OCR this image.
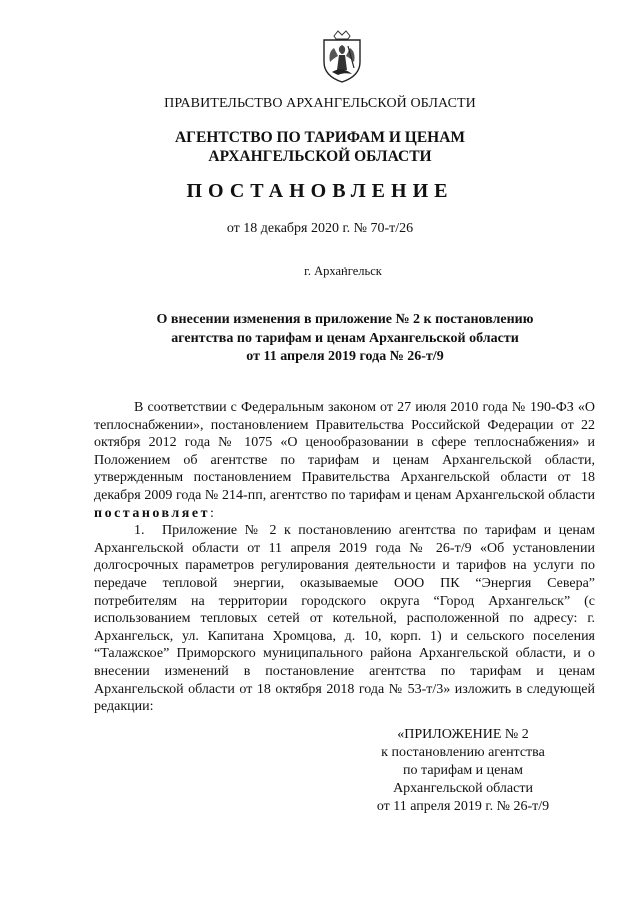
ПРАВИТЕЛЬСТВО АРХАНГЕЛЬСКОЙ ОБЛАСТИ
АГЕНТСТВО ПО ТАРИФАМ И ЦЕНАМ
АРХАНГЕЛЬСКОЙ ОБЛАСТИ
ПОСТАНОВЛЕНИЕ
от 18 декабря 2020 г. № 70-т/26
г. Архангельск
О внесении изменения в приложение № 2 к постановлению
агентства по тарифам и ценам Архангельской области
от 11 апреля 2019 года № 26-т/9

В соответствии с Федеральным законом от 27 июля 2010 года № 190-ФЗ «О теплоснабжении», постановлением Правительства Российской Федерации от 22 октября 2012 года № 1075 «О ценообразовании в сфере теплоснабжения» и Положением об агентстве по тарифам и ценам Архангельской области, утвержденным постановлением Правительства Архангельской области от 18 декабря 2009 года № 214-пп, агентство по тарифам и ценам Архангельской области постановляет:

1. Приложение № 2 к постановлению агентства по тарифам и ценам Архангельской области от 11 апреля 2019 года № 26-т/9 «Об установлении долгосрочных параметров регулирования деятельности и тарифов на услуги по передаче тепловой энергии, оказываемые ООО ПК “Энергия Севера” потребителям на территории городского округа “Город Архангельск” (с использованием тепловых сетей от котельной, расположенной по адресу: г. Архангельск, ул. Капитана Хромцова, д. 10, корп. 1) и сельского поселения “Талажское” Приморского муниципального района Архангельской области, и о внесении изменений в постановление агентства по тарифам и ценам Архангельской области от 18 октября 2018 года № 53-т/3» изложить в следующей редакции:

«ПРИЛОЖЕНИЕ № 2
к постановлению агентства
по тарифам и ценам
Архангельской области
от 11 апреля 2019 г. № 26-т/9
